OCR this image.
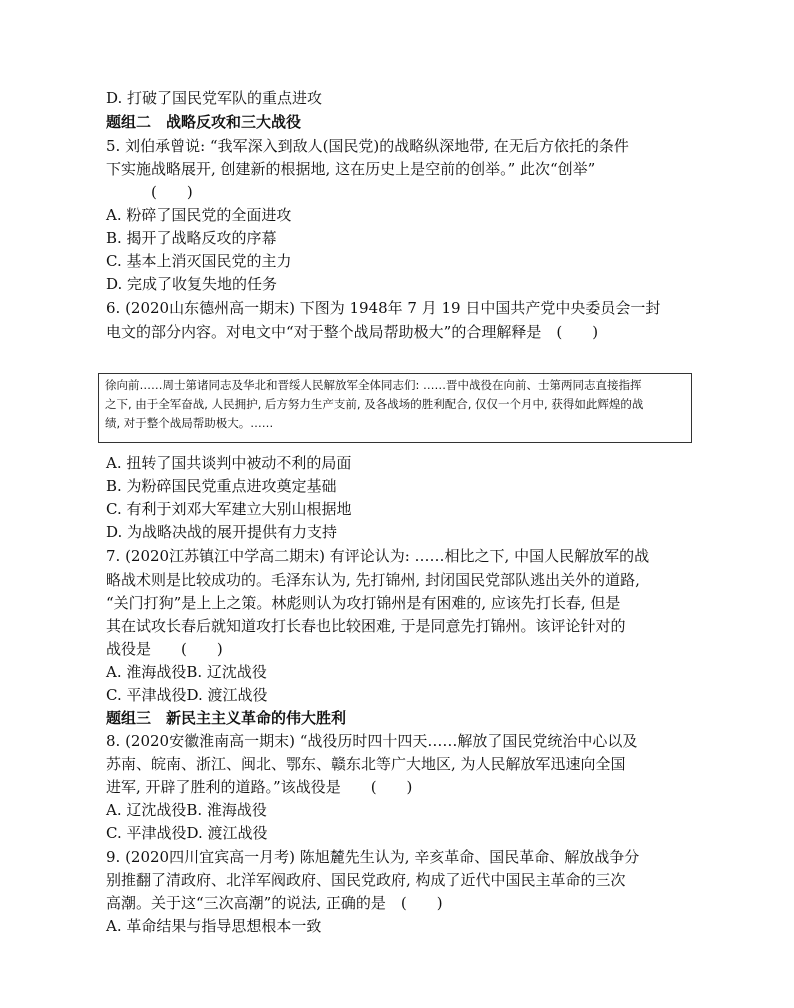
D. 打破了国民党军队的重点进攻
题组二　战略反攻和三大战役
5. 刘伯承曾说: “我军深入到敌人(国民党)的战略纵深地带, 在无后方依托的条件
下实施战略展开, 创建新的根据地, 这在历史上是空前的创举。” 此次“创举”
(　　)
A. 粉碎了国民党的全面进攻
B. 揭开了战略反攻的序幕
C. 基本上消灭国民党的主力
D. 完成了收复失地的任务
6. (2020山东德州高一期末) 下图为 1948年 7 月 19 日中国共产党中央委员会一封
电文的部分内容。对电文中“对于整个战局帮助极大”的合理解释是　(　　)
A. 扭转了国共谈判中被动不利的局面
B. 为粉碎国民党重点进攻奠定基础
C. 有利于刘邓大军建立大别山根据地
D. 为战略决战的展开提供有力支持
7. (2020江苏镇江中学高二期末) 有评论认为: ……相比之下, 中国人民解放军的战
略战术则是比较成功的。毛泽东认为, 先打锦州, 封闭国民党部队逃出关外的道路,
“关门打狗”是上上之策。林彪则认为攻打锦州是有困难的, 应该先打长春, 但是
其在试攻长春后就知道攻打长春也比较困难, 于是同意先打锦州。该评论针对的
战役是　　(　　)
A. 淮海战役B. 辽沈战役
C. 平津战役D. 渡江战役
题组三　新民主主义革命的伟大胜利
8. (2020安徽淮南高一期末) “战役历时四十四天……解放了国民党统治中心以及
苏南、皖南、浙江、闽北、鄂东、赣东北等广大地区, 为人民解放军迅速向全国
进军, 开辟了胜利的道路。”该战役是　　(　　)
A. 辽沈战役B. 淮海战役
C. 平津战役D. 渡江战役
9. (2020四川宜宾高一月考) 陈旭麓先生认为, 辛亥革命、国民革命、解放战争分
别推翻了清政府、北洋军阀政府、国民党政府, 构成了近代中国民主革命的三次
高潮。关于这“三次高潮”的说法, 正确的是　(　　)
A. 革命结果与指导思想根本一致
徐向前……周士第诸同志及华北和晋绥人民解放军全体同志们: ……晋中战役在向前、士第两同志直接指挥
之下, 由于全军奋战, 人民拥护, 后方努力生产支前, 及各战场的胜利配合, 仅仅一个月中, 获得如此辉煌的战
绩, 对于整个战局帮助极大。……
